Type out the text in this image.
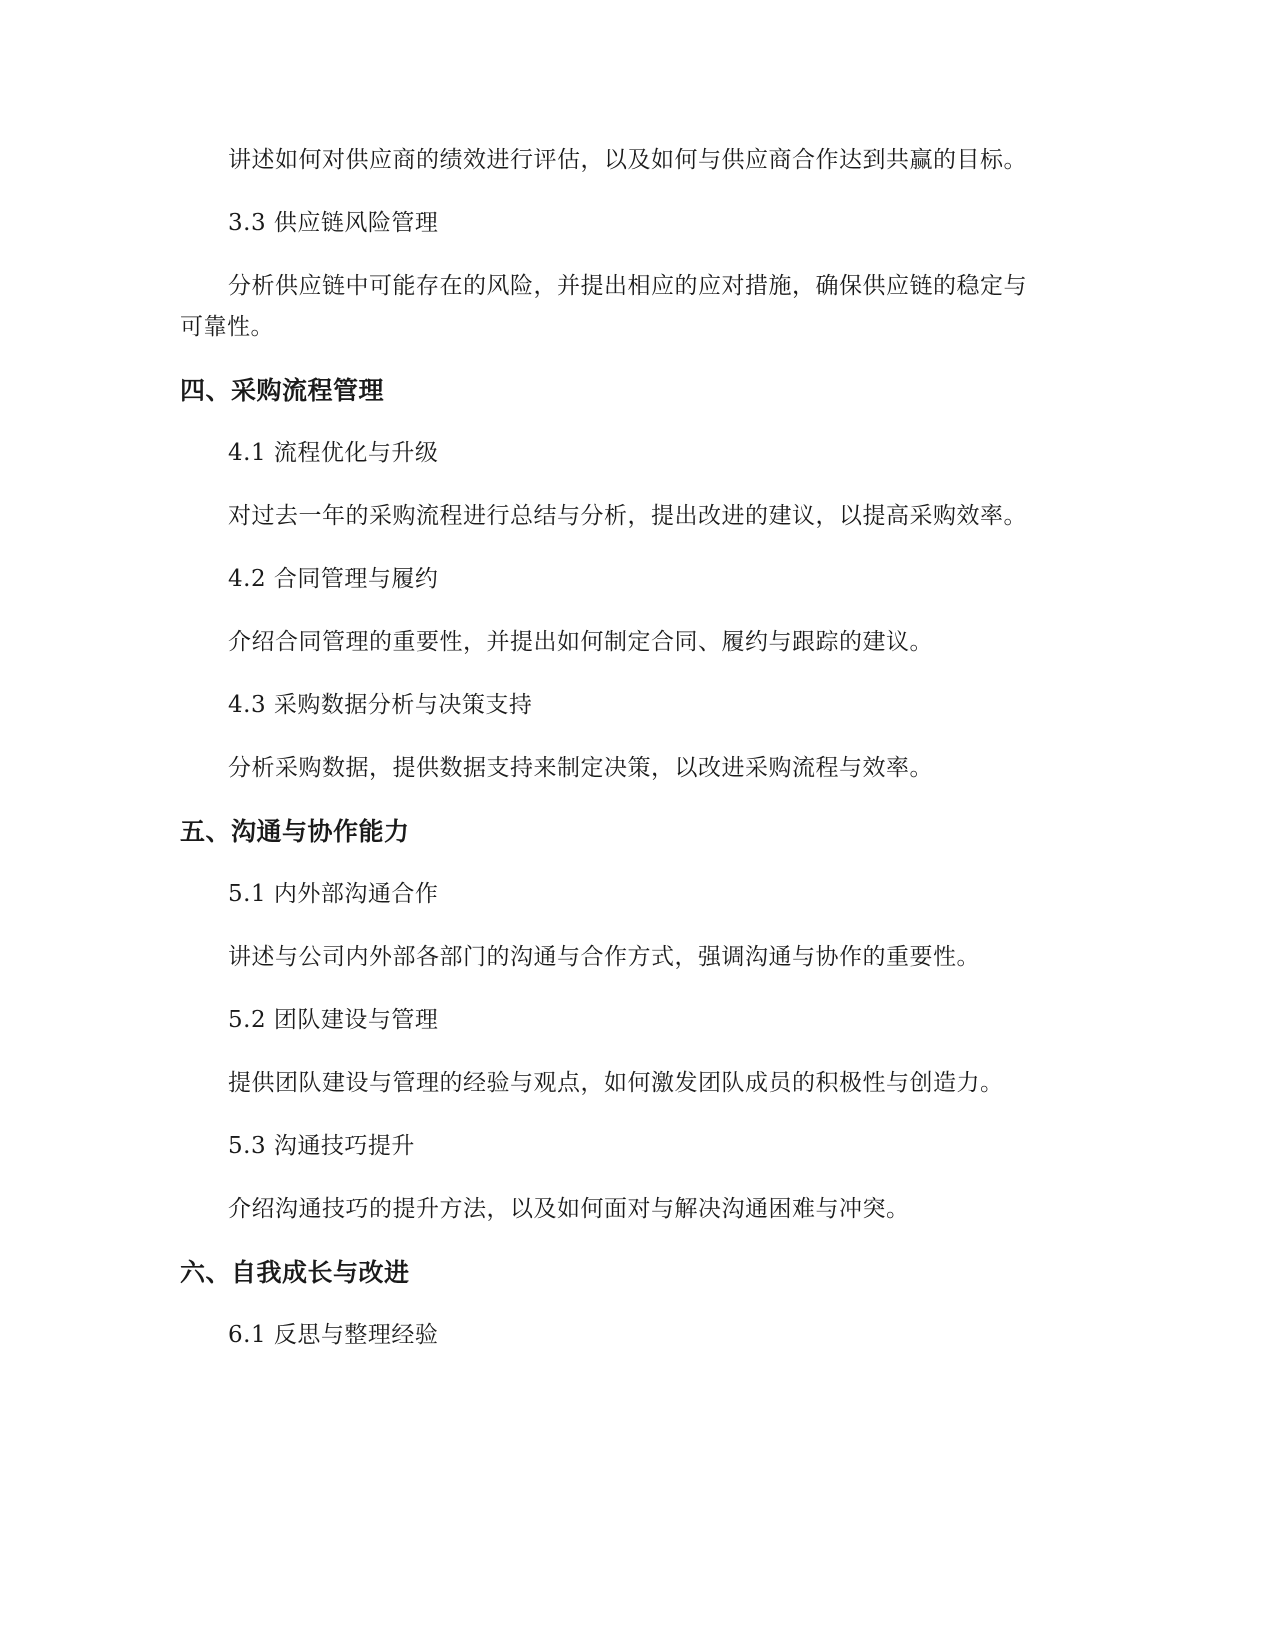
讲述如何对供应商的绩效进行评估，以及如何与供应商合作达到共赢的目标。

3.3 供应链风险管理

分析供应链中可能存在的风险，并提出相应的应对措施，确保供应链的稳定与可靠性。

四、采购流程管理

4.1 流程优化与升级

对过去一年的采购流程进行总结与分析，提出改进的建议，以提高采购效率。

4.2 合同管理与履约

介绍合同管理的重要性，并提出如何制定合同、履约与跟踪的建议。

4.3 采购数据分析与决策支持

分析采购数据，提供数据支持来制定决策，以改进采购流程与效率。

五、沟通与协作能力

5.1 内外部沟通合作

讲述与公司内外部各部门的沟通与合作方式，强调沟通与协作的重要性。

5.2 团队建设与管理

提供团队建设与管理的经验与观点，如何激发团队成员的积极性与创造力。

5.3 沟通技巧提升

介绍沟通技巧的提升方法，以及如何面对与解决沟通困难与冲突。

六、自我成长与改进

6.1 反思与整理经验
